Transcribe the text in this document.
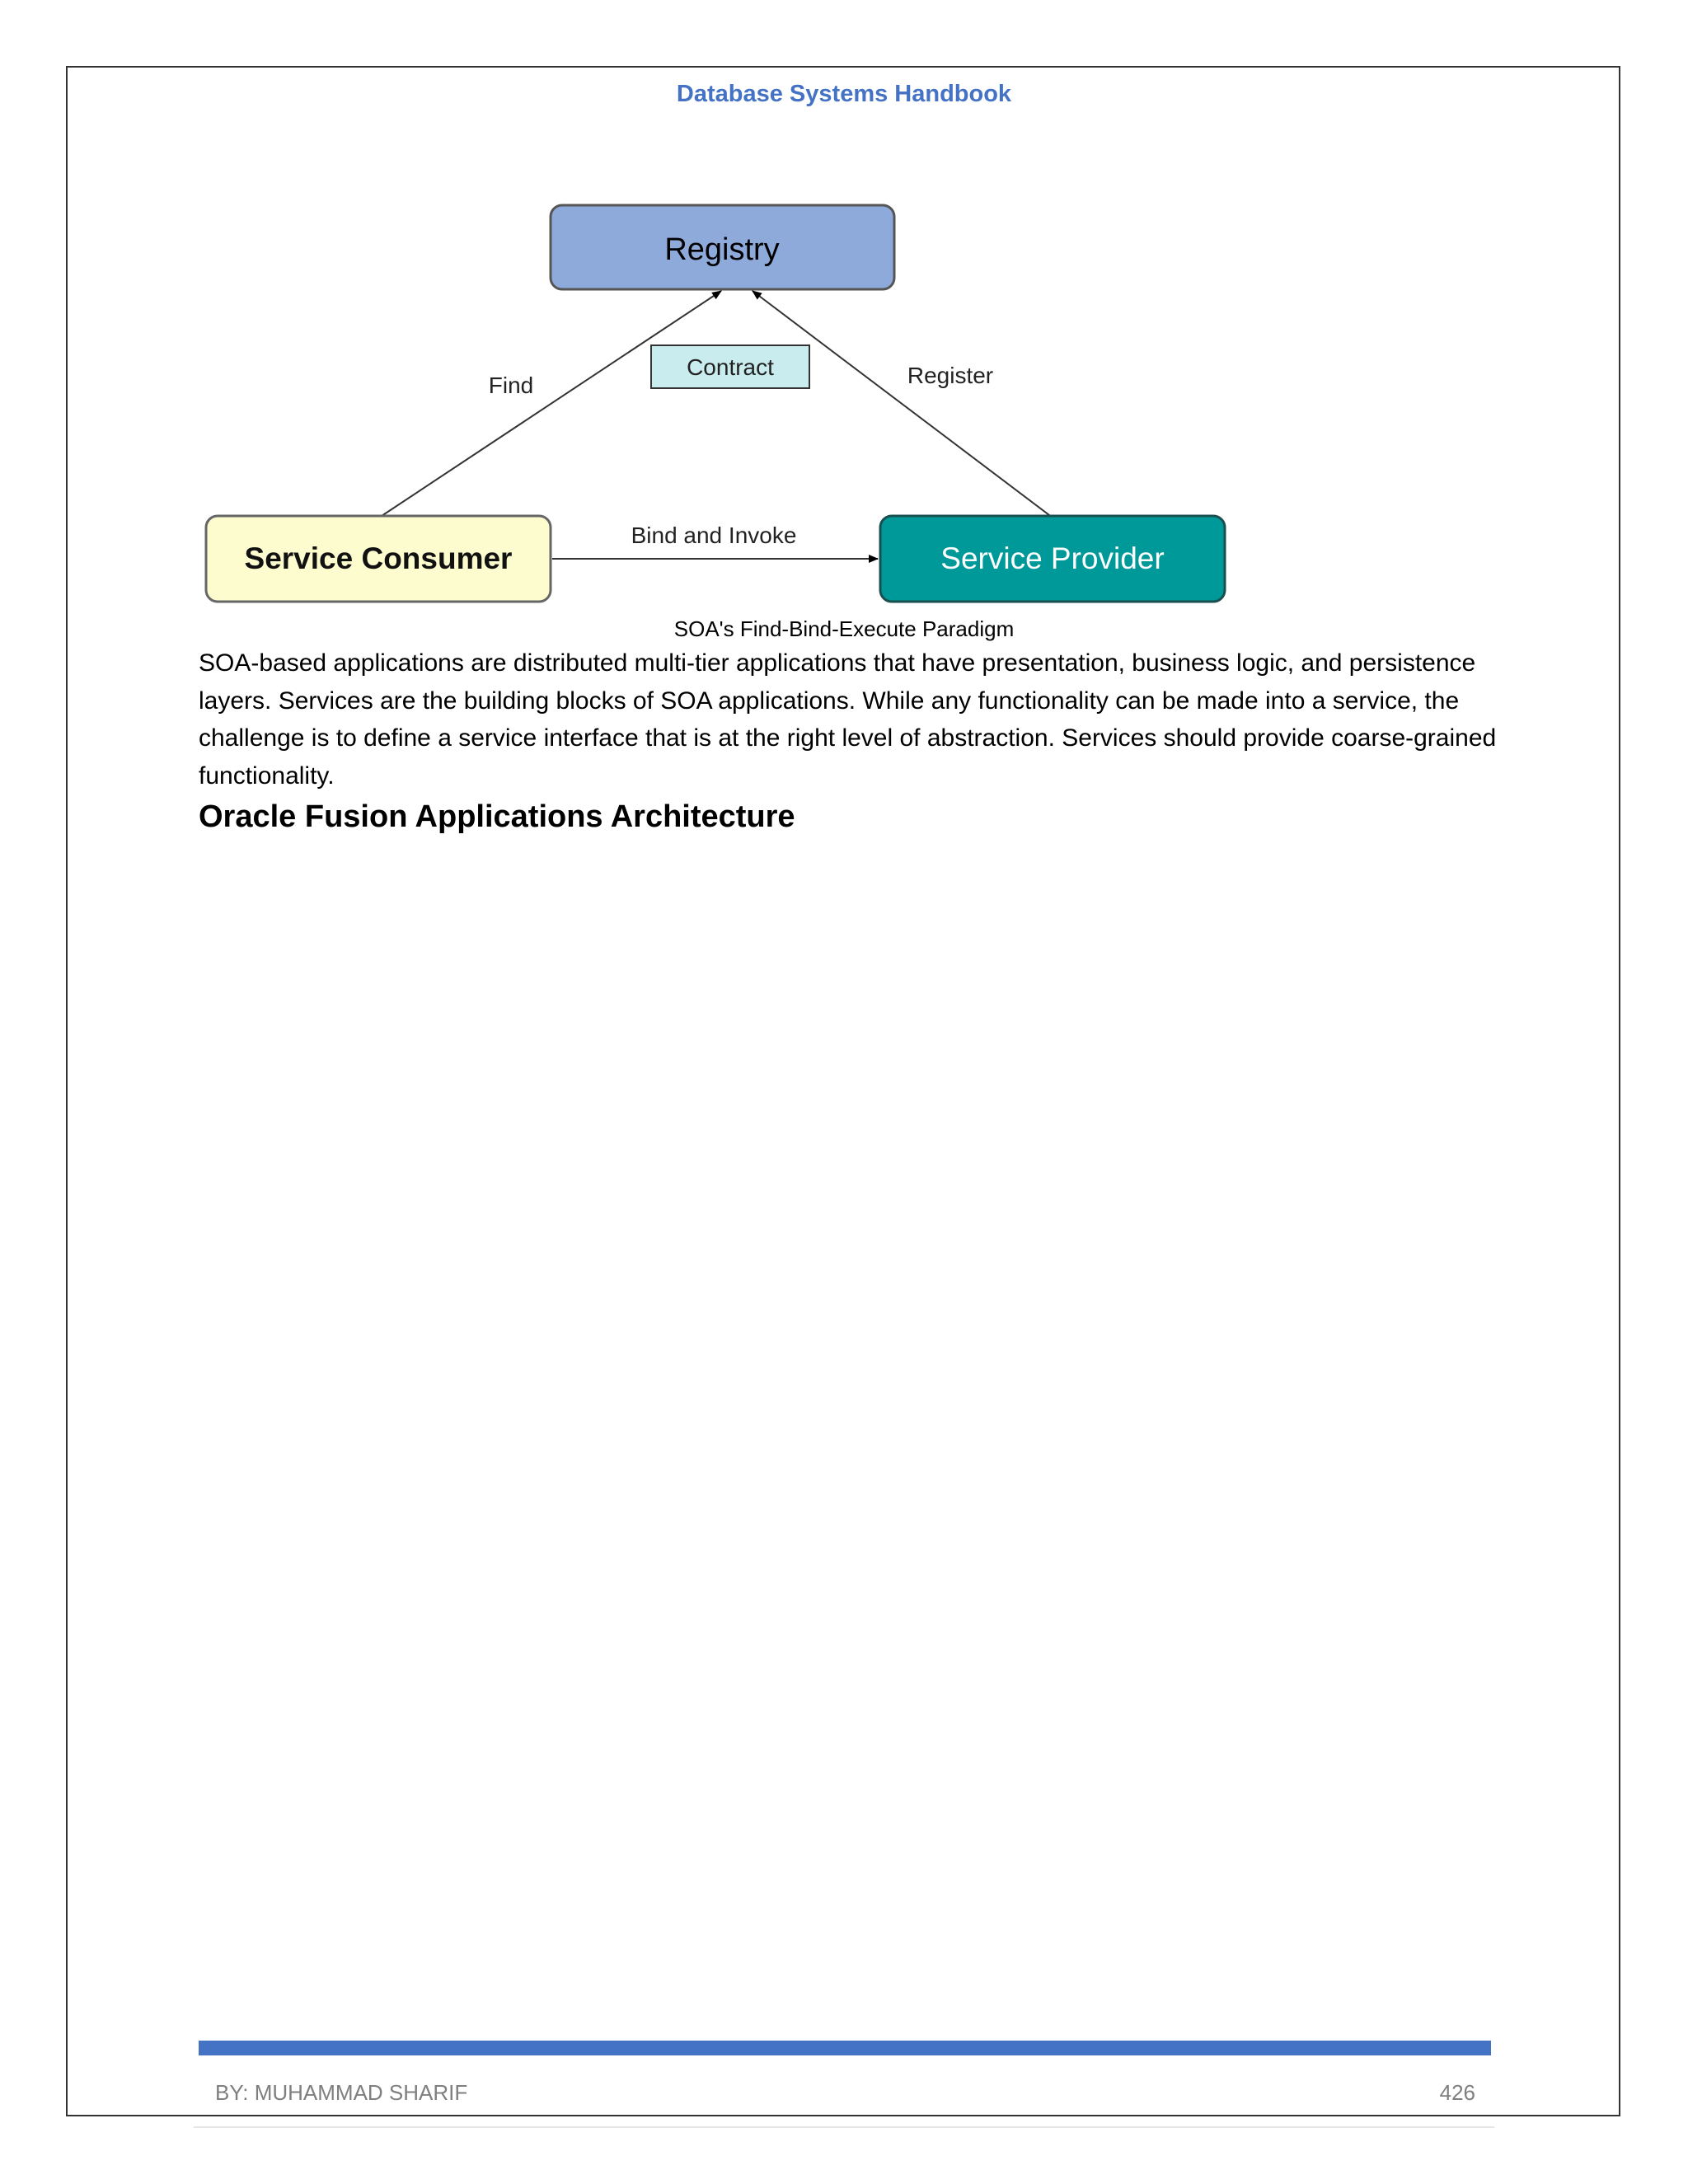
Database Systems Handbook
Registry
Contract
Find	Register
Bind and Invoke
Service Consumer	Service Provider
SOA's Find-Bind-Execute Paradigm

SOA-based applications are distributed multi-tier applications that have presentation, business logic, and persistence layers. Services are the building blocks of SOA applications. While any functionality can be made into a service, the challenge is to define a service interface that is at the right level of abstraction. Services should provide coarse-grained functionality.

Oracle Fusion Applications Architecture
BY: MUHAMMAD SHARIF	426
